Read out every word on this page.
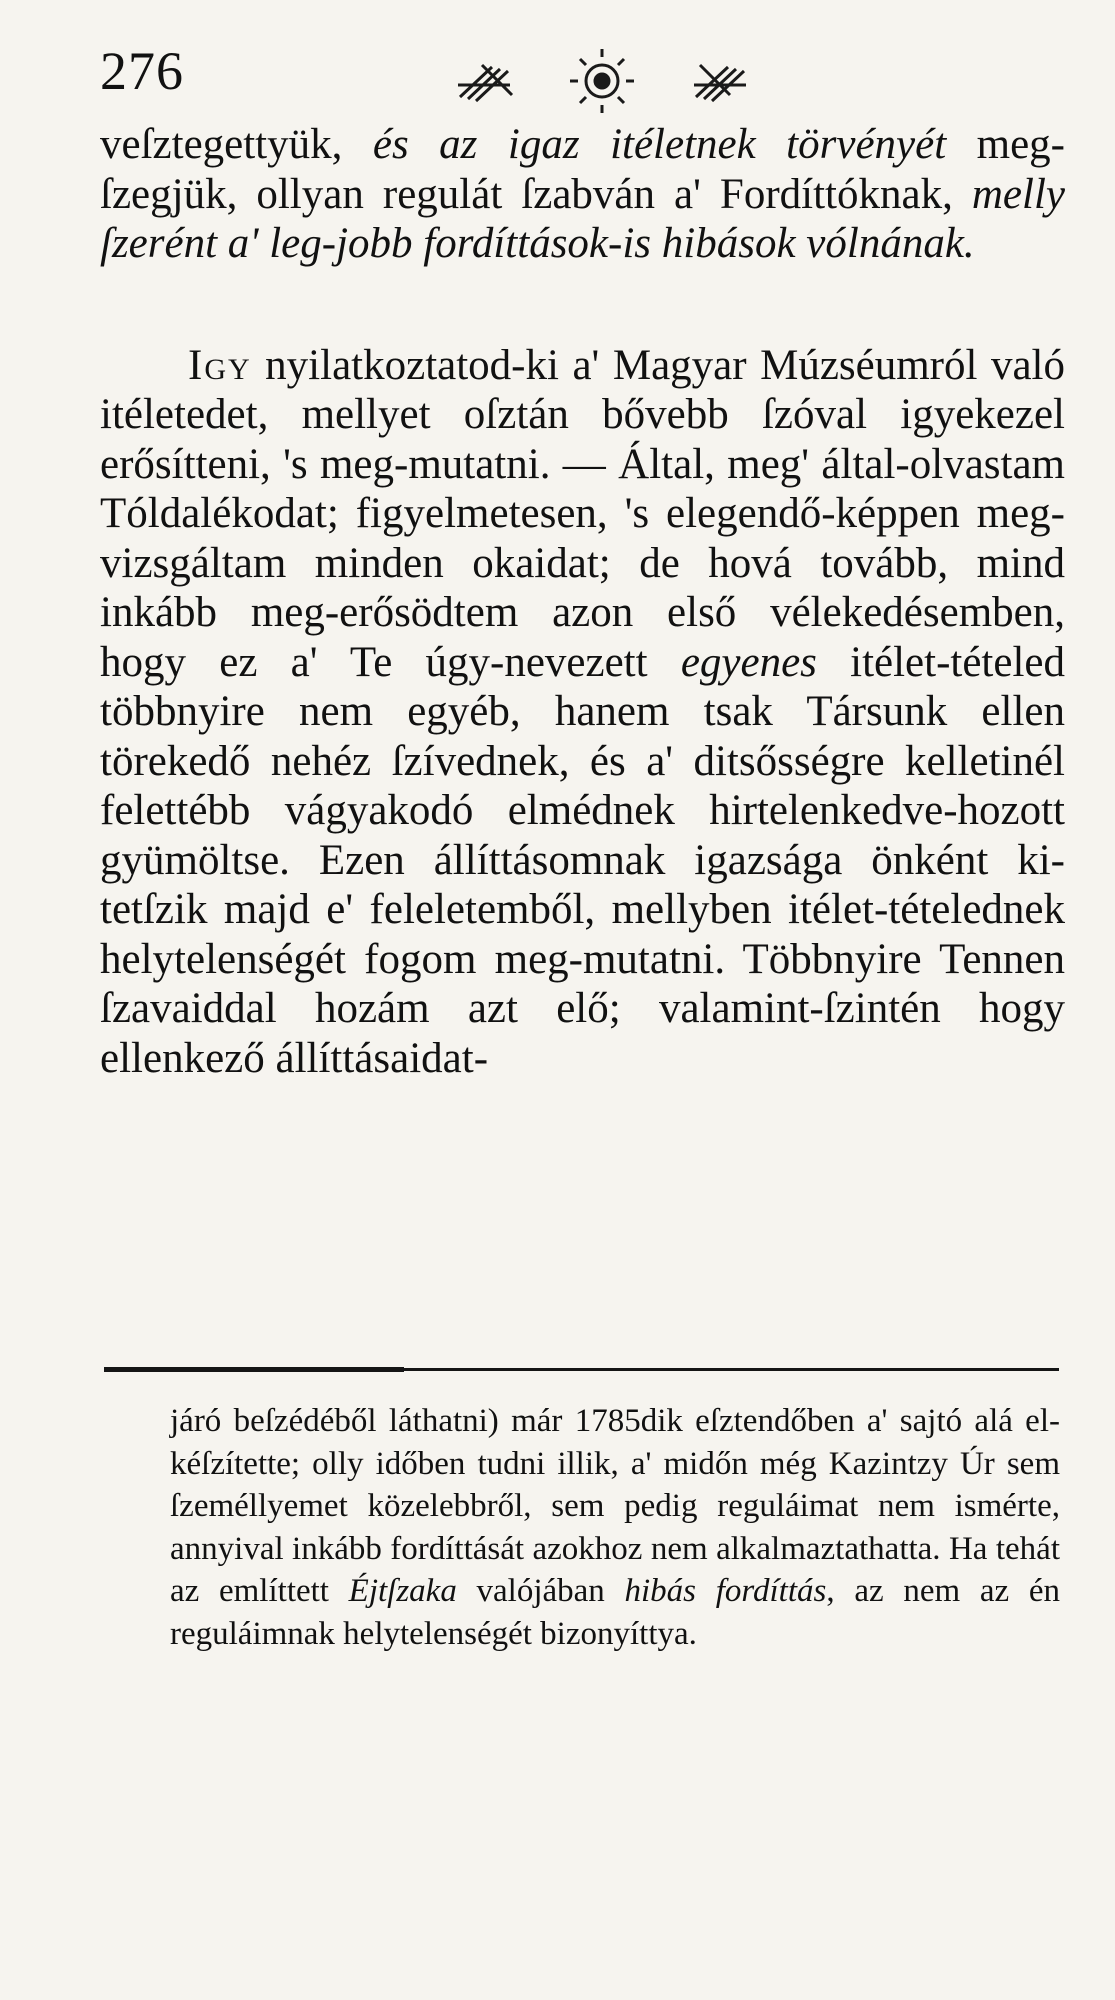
276

veſztegettyük, és az igaz itéletnek törvényét meg-ſzegjük, ollyan regulát ſzabván a' Fordíttóknak, melly ſzerént a' leg-jobb fordíttások-is hibások vólnának.

Igy nyilatkoztatod-ki a' Magyar Múzséumról való itéletedet, mellyet oſztán bővebb ſzóval igyekezel erősítteni, 's meg-mutatni. — Által, meg' által-olvastam Tóldalékodat; figyelmetesen, 's elegendő-képpen meg-vizsgáltam minden okaidat; de hová tovább, mind inkább meg-erősödtem azon első vélekedésemben, hogy ez a' Te úgy-nevezett egyenes itélet-tételed többnyire nem egyéb, hanem tsak Társunk ellen törekedő nehéz ſzívednek, és a' ditsősségre kelletinél felettébb vágyakodó elmédnek hirtelenkedve-hozott gyümöltse. Ezen állíttásomnak igazsága önként ki-tetſzik majd e' feleletemből, mellyben itélet-tételednek helytelenségét fogom meg-mutatni. Többnyire Tennen ſzavaiddal hozám azt elő; valamint-ſzintén hogy ellenkező állíttásaidat-

járó beſzédéből láthatni) már 1785dik eſztendőben a' sajtó alá el-kéſzítette; olly időben tudni illik, a' midőn még Kazintzy Úr sem ſzeméllyemet közelebbről, sem pedig reguláimat nem ismérte, annyival inkább fordíttását azokhoz nem alkalmaztathatta. Ha tehát az említtett Éjtſzaka valójában hibás fordíttás, az nem az én reguláimnak helytelenségét bizonyíttya.
